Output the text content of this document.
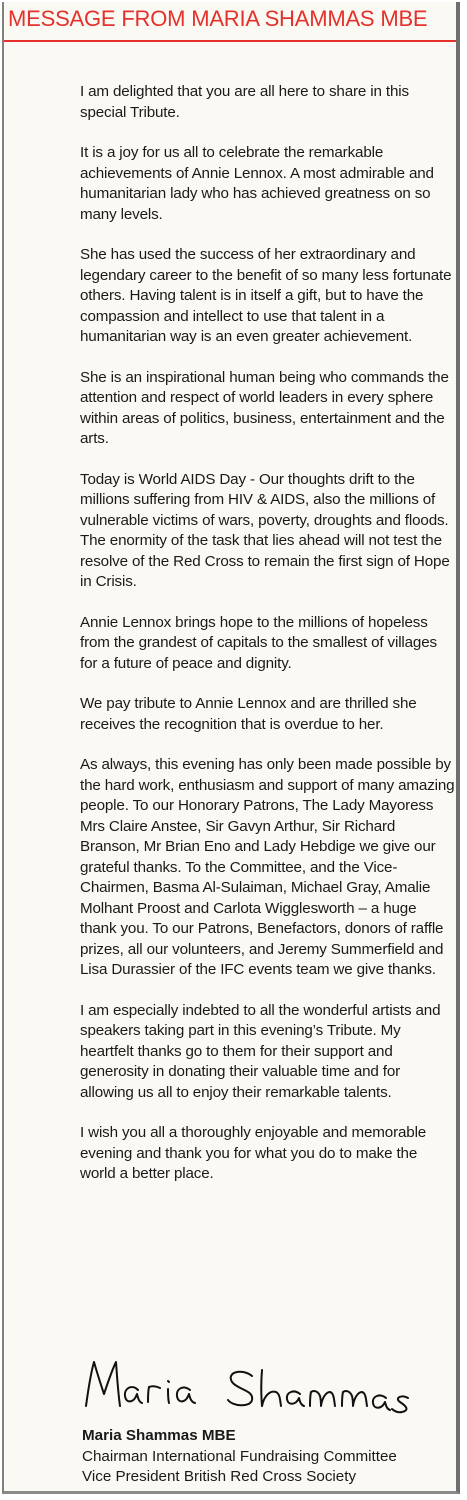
MESSAGE FROM MARIA SHAMMAS MBE

I am delighted that you are all here to share in this special Tribute.

It is a joy for us all to celebrate the remarkable achievements of Annie Lennox. A most admirable and humanitarian lady who has achieved greatness on so many levels.

She has used the success of her extraordinary and legendary career to the benefit of so many less fortunate others. Having talent is in itself a gift, but to have the compassion and intellect to use that talent in a humanitarian way is an even greater achievement.

She is an inspirational human being who commands the attention and respect of world leaders in every sphere within areas of politics, business, entertainment and the arts.

Today is World AIDS Day - Our thoughts drift to the millions suffering from HIV & AIDS, also the millions of vulnerable victims of wars, poverty, droughts and floods. The enormity of the task that lies ahead will not test the resolve of the Red Cross to remain the first sign of Hope in Crisis.

Annie Lennox brings hope to the millions of hopeless from the grandest of capitals to the smallest of villages for a future of peace and dignity.

We pay tribute to Annie Lennox and are thrilled she receives the recognition that is overdue to her.

As always, this evening has only been made possible by the hard work, enthusiasm and support of many amazing people. To our Honorary Patrons, The Lady Mayoress Mrs Claire Anstee, Sir Gavyn Arthur, Sir Richard Branson, Mr Brian Eno and Lady Hebdige we give our grateful thanks. To the Committee, and the Vice-Chairmen, Basma Al-Sulaiman, Michael Gray, Amalie Molhant Proost and Carlota Wigglesworth – a huge thank you. To our Patrons, Benefactors, donors of raffle prizes, all our volunteers, and Jeremy Summerfield and Lisa Durassier of the IFC events team we give thanks.

I am especially indebted to all the wonderful artists and speakers taking part in this evening’s Tribute. My heartfelt thanks go to them for their support and generosity in donating their valuable time and for allowing us all to enjoy their remarkable talents.

I wish you all a thoroughly enjoyable and memorable evening and thank you for what you do to make the world a better place.

Maria Shammas MBE
Chairman International Fundraising Committee
Vice President British Red Cross Society
